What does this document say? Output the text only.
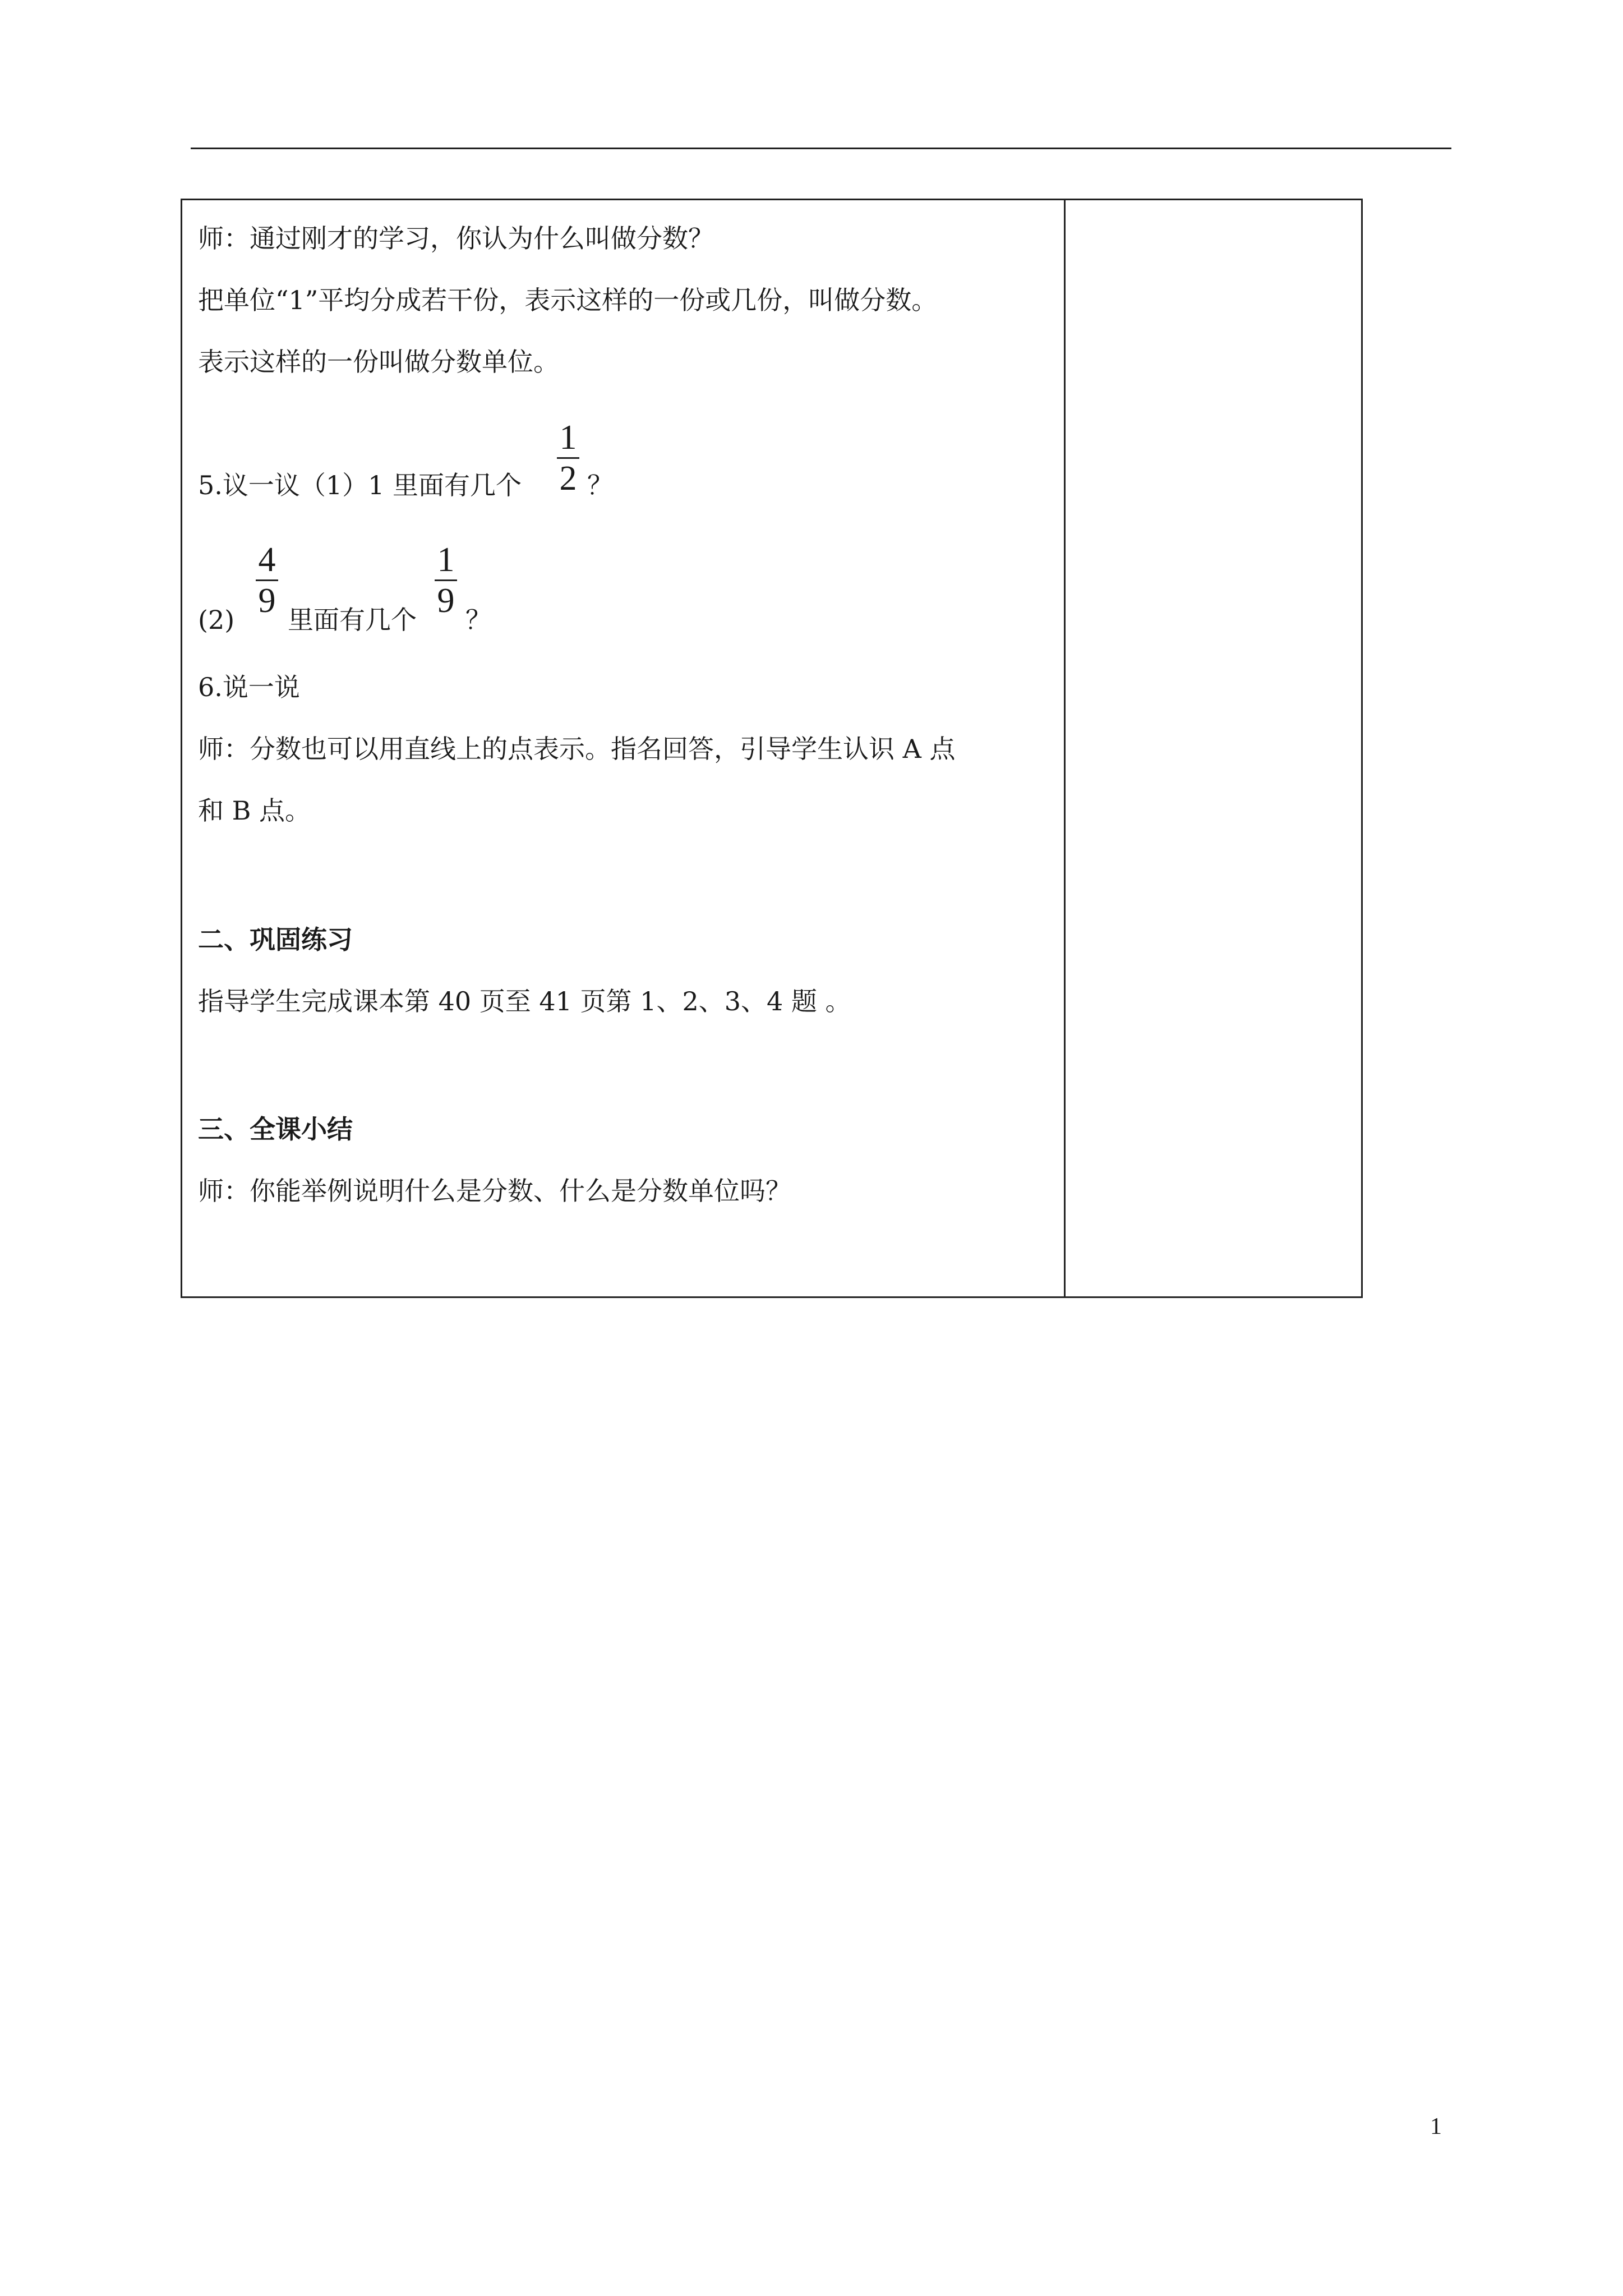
师：通过刚才的学习，你认为什么叫做分数？
把单位“1”平均分成若干份，表示这样的一份或几份，叫做分数。
表示这样的一份叫做分数单位。
5.议一议（1）1 里面有几个
1
2 ？
(2)
4
9 里面有几个
1
9 ？
6.说一说
师：分数也可以用直线上的点表示。指名回答，引导学生认识 A 点
和 B 点。
二、巩固练习
指导学生完成课本第 40 页至 41 页第 1、2、3、4 题 。
三、全课小结
师：你能举例说明什么是分数、什么是分数单位吗？
1
